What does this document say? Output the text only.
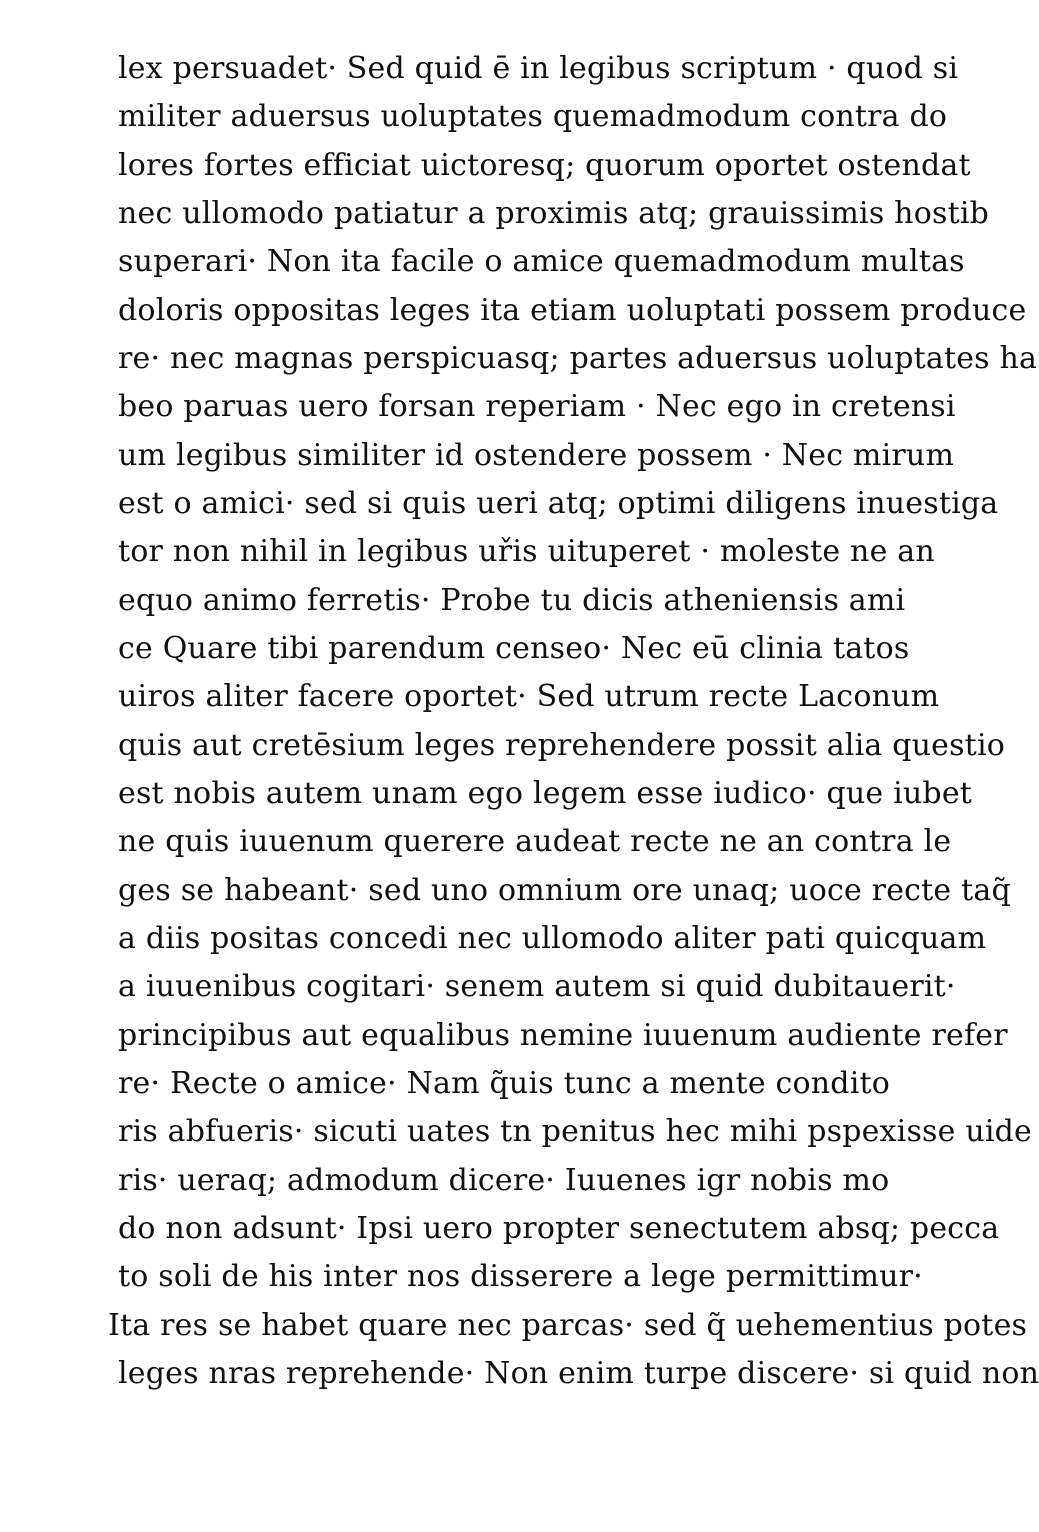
lex persuadet· Sed quid ē in legibus scriptum · quod si
militer aduersus uoluptates quemadmodum contra do
lores fortes efficiat uictoresq; quorum oportet ostendat
nec ullomodo patiatur a proximis atq; grauissimis hostib
superari· Non ita facile o amice quemadmodum multas
doloris oppositas leges ita etiam uoluptati possem produce
re· nec magnas perspicuasq; partes aduersus uoluptates ha
beo paruas uero forsan reperiam · Nec ego in cretensi
um legibus similiter id ostendere possem · Nec mirum
est o amici· sed si quis ueri atq; optimi diligens inuestiga
tor non nihil in legibus uřis uituperet · moleste ne an
equo animo ferretis· Probe tu dicis atheniensis ami
ce Quare tibi parendum censeo· Nec eū clinia tatos
uiros aliter facere oportet· Sed utrum recte Laconum
quis aut cretēsium leges reprehendere possit alia questio
est nobis autem unam ego legem esse iudico· que iubet
ne quis iuuenum querere audeat recte ne an contra le
ges se habeant· sed uno omnium ore unaq; uoce recte taq̃
a diis positas concedi nec ullomodo aliter pati quicquam
a iuuenibus cogitari· senem autem si quid dubitauerit·
principibus aut equalibus nemine iuuenum audiente refer
re· Recte o amice· Nam q̃uis tunc a mente condito
ris abfueris· sicuti uates tn penitus hec mihi pspexisse uide
ris· ueraq; admodum dicere· Iuuenes igr nobis mo
do non adsunt· Ipsi uero propter senectutem absq; pecca
to soli de his inter nos disserere a lege permittimur·
Ita res se habet quare nec parcas· sed q̃ uehementius potes
leges nras reprehende· Non enim turpe discere· si quid non
